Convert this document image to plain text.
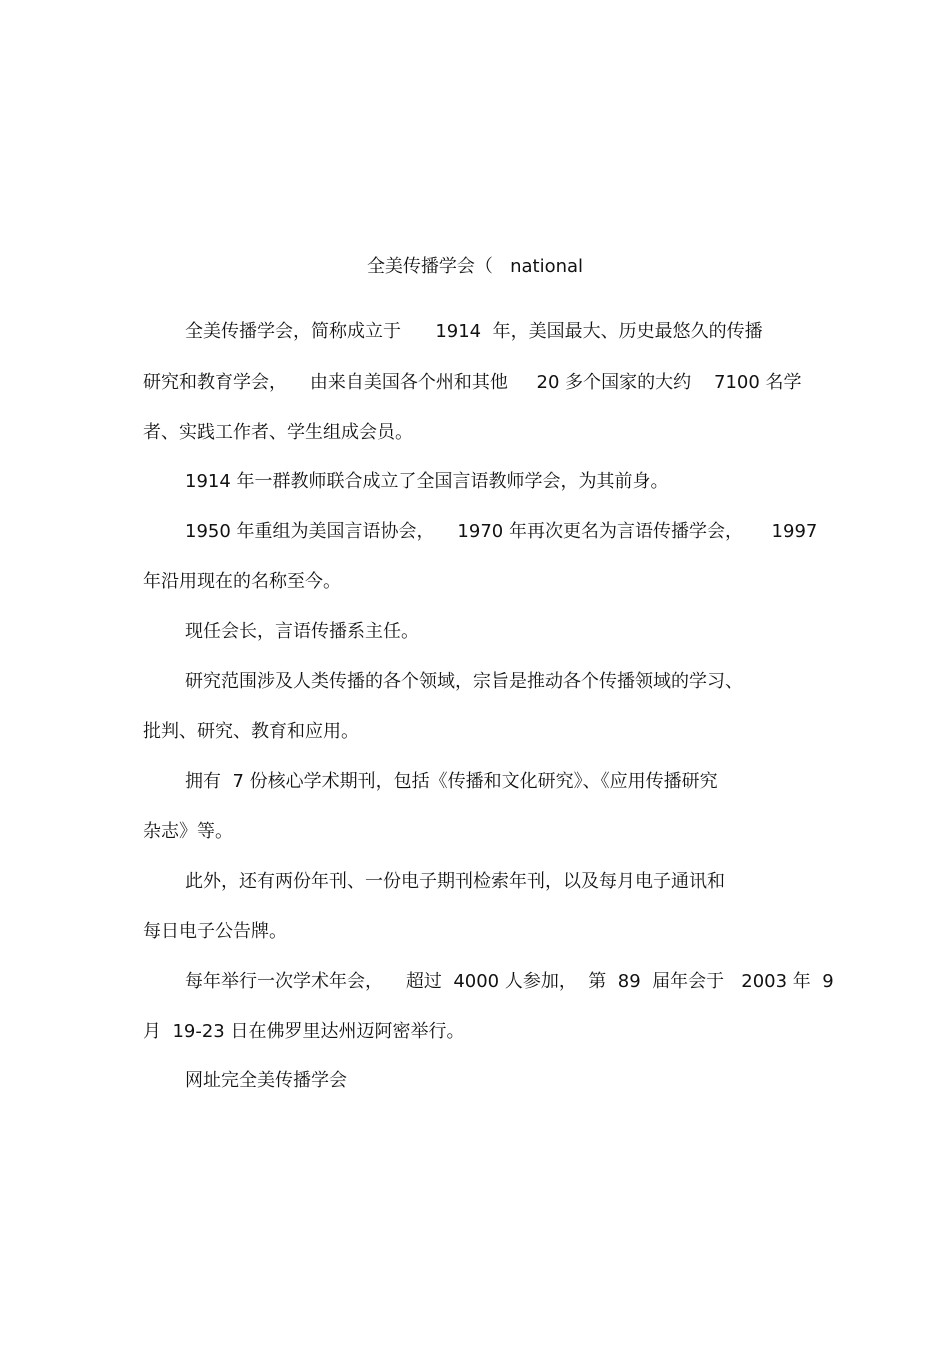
全美传播学会（   national
全美传播学会，简称成立于      1914  年，美国最大、历史最悠久的传播
研究和教育学会，    由来自美国各个州和其他     20 多个国家的大约    7100 名学
者、实践工作者、学生组成会员。
1914 年一群教师联合成立了全国言语教师学会，为其前身。
1950 年重组为美国言语协会，    1970 年再次更名为言语传播学会，     1997
年沿用现在的名称至今。
现任会长，言语传播系主任。
研究范围涉及人类传播的各个领域，宗旨是推动各个传播领域的学习、
批判、研究、教育和应用。
拥有  7 份核心学术期刊，包括《传播和文化研究》、《应用传播研究
杂志》等。
此外，还有两份年刊、一份电子期刊检索年刊，以及每月电子通讯和
每日电子公告牌。
每年举行一次学术年会，    超过  4000 人参加，  第  89  届年会于   2003 年  9
月  19-23 日在佛罗里达州迈阿密举行。
网址完全美传播学会
